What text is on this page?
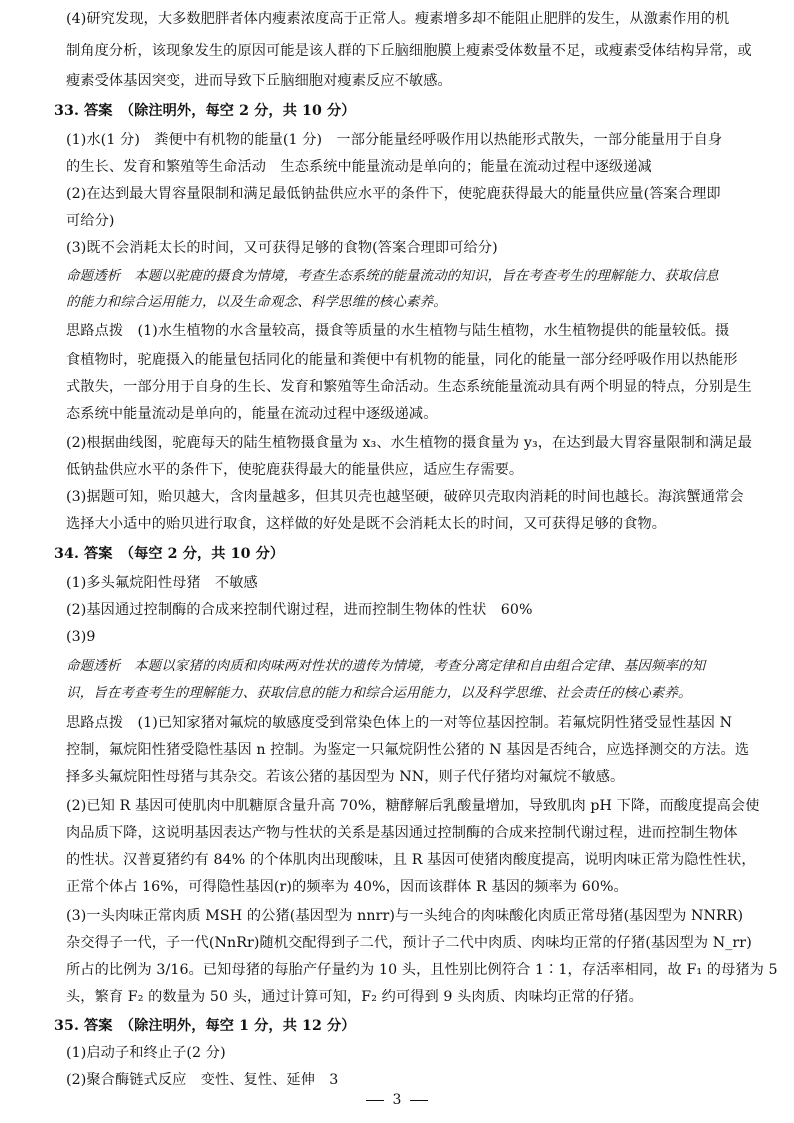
(4)研究发现，大多数肥胖者体内瘦素浓度高于正常人。瘦素增多却不能阻止肥胖的发生，从激素作用的机
制角度分析，该现象发生的原因可能是该人群的下丘脑细胞膜上瘦素受体数量不足，或瘦素受体结构异常，或
瘦素受体基因突变，进而导致下丘脑细胞对瘦素反应不敏感。
33. 答案　（除注明外，每空 2 分，共 10 分）
(1)水(1 分)　粪便中有机物的能量(1 分)　一部分能量经呼吸作用以热能形式散失，一部分能量用于自身
的生长、发育和繁殖等生命活动　生态系统中能量流动是单向的；能量在流动过程中逐级递减
(2)在达到最大胃容量限制和满足最低钠盐供应水平的条件下，使驼鹿获得最大的能量供应量(答案合理即
可给分)
(3)既不会消耗太长的时间，又可获得足够的食物(答案合理即可给分)
命题透析　本题以驼鹿的摄食为情境，考查生态系统的能量流动的知识，旨在考查考生的理解能力、获取信息
的能力和综合运用能力，以及生命观念、科学思维的核心素养。
思路点拨　(1)水生植物的水含量较高，摄食等质量的水生植物与陆生植物，水生植物提供的能量较低。摄
食植物时，驼鹿摄入的能量包括同化的能量和粪便中有机物的能量，同化的能量一部分经呼吸作用以热能形
式散失，一部分用于自身的生长、发育和繁殖等生命活动。生态系统能量流动具有两个明显的特点，分别是生
态系统中能量流动是单向的，能量在流动过程中逐级递减。
(2)根据曲线图，驼鹿每天的陆生植物摄食量为 x₃、水生植物的摄食量为 y₃，在达到最大胃容量限制和满足最
低钠盐供应水平的条件下，使驼鹿获得最大的能量供应，适应生存需要。
(3)据题可知，贻贝越大，含肉量越多，但其贝壳也越坚硬，破碎贝壳取肉消耗的时间也越长。海滨蟹通常会
选择大小适中的贻贝进行取食，这样做的好处是既不会消耗太长的时间，又可获得足够的食物。
34. 答案　（每空 2 分，共 10 分）
(1)多头氟烷阳性母猪　不敏感
(2)基因通过控制酶的合成来控制代谢过程，进而控制生物体的性状　60%
(3)9
命题透析　本题以家猪的肉质和肉味两对性状的遗传为情境，考查分离定律和自由组合定律、基因频率的知
识，旨在考查考生的理解能力、获取信息的能力和综合运用能力，以及科学思维、社会责任的核心素养。
思路点拨　(1)已知家猪对氟烷的敏感度受到常染色体上的一对等位基因控制。若氟烷阴性猪受显性基因 N
控制，氟烷阳性猪受隐性基因 n 控制。为鉴定一只氟烷阴性公猪的 N 基因是否纯合，应选择测交的方法。选
择多头氟烷阳性母猪与其杂交。若该公猪的基因型为 NN，则子代仔猪均对氟烷不敏感。
(2)已知 R 基因可使肌肉中肌糖原含量升高 70%，糖酵解后乳酸量增加，导致肌肉 pH 下降，而酸度提高会使
肉品质下降，这说明基因表达产物与性状的关系是基因通过控制酶的合成来控制代谢过程，进而控制生物体
的性状。汉普夏猪约有 84% 的个体肌肉出现酸味，且 R 基因可使猪肉酸度提高，说明肉味正常为隐性性状，
正常个体占 16%，可得隐性基因(r)的频率为 40%，因而该群体 R 基因的频率为 60%。
(3)一头肉味正常肉质 MSH 的公猪(基因型为 nnrr)与一头纯合的肉味酸化肉质正常母猪(基因型为 NNRR)
杂交得子一代，子一代(NnRr)随机交配得到子二代，预计子二代中肉质、肉味均正常的仔猪(基因型为 N_rr)
所占的比例为 3/16。已知母猪的每胎产仔量约为 10 头，且性别比例符合 1∶1，存活率相同，故 F₁ 的母猪为 5
头，繁育 F₂ 的数量为 50 头，通过计算可知，F₂ 约可得到 9 头肉质、肉味均正常的仔猪。
35. 答案　（除注明外，每空 1 分，共 12 分）
(1)启动子和终止子(2 分)
(2)聚合酶链式反应　变性、复性、延伸　3
3
